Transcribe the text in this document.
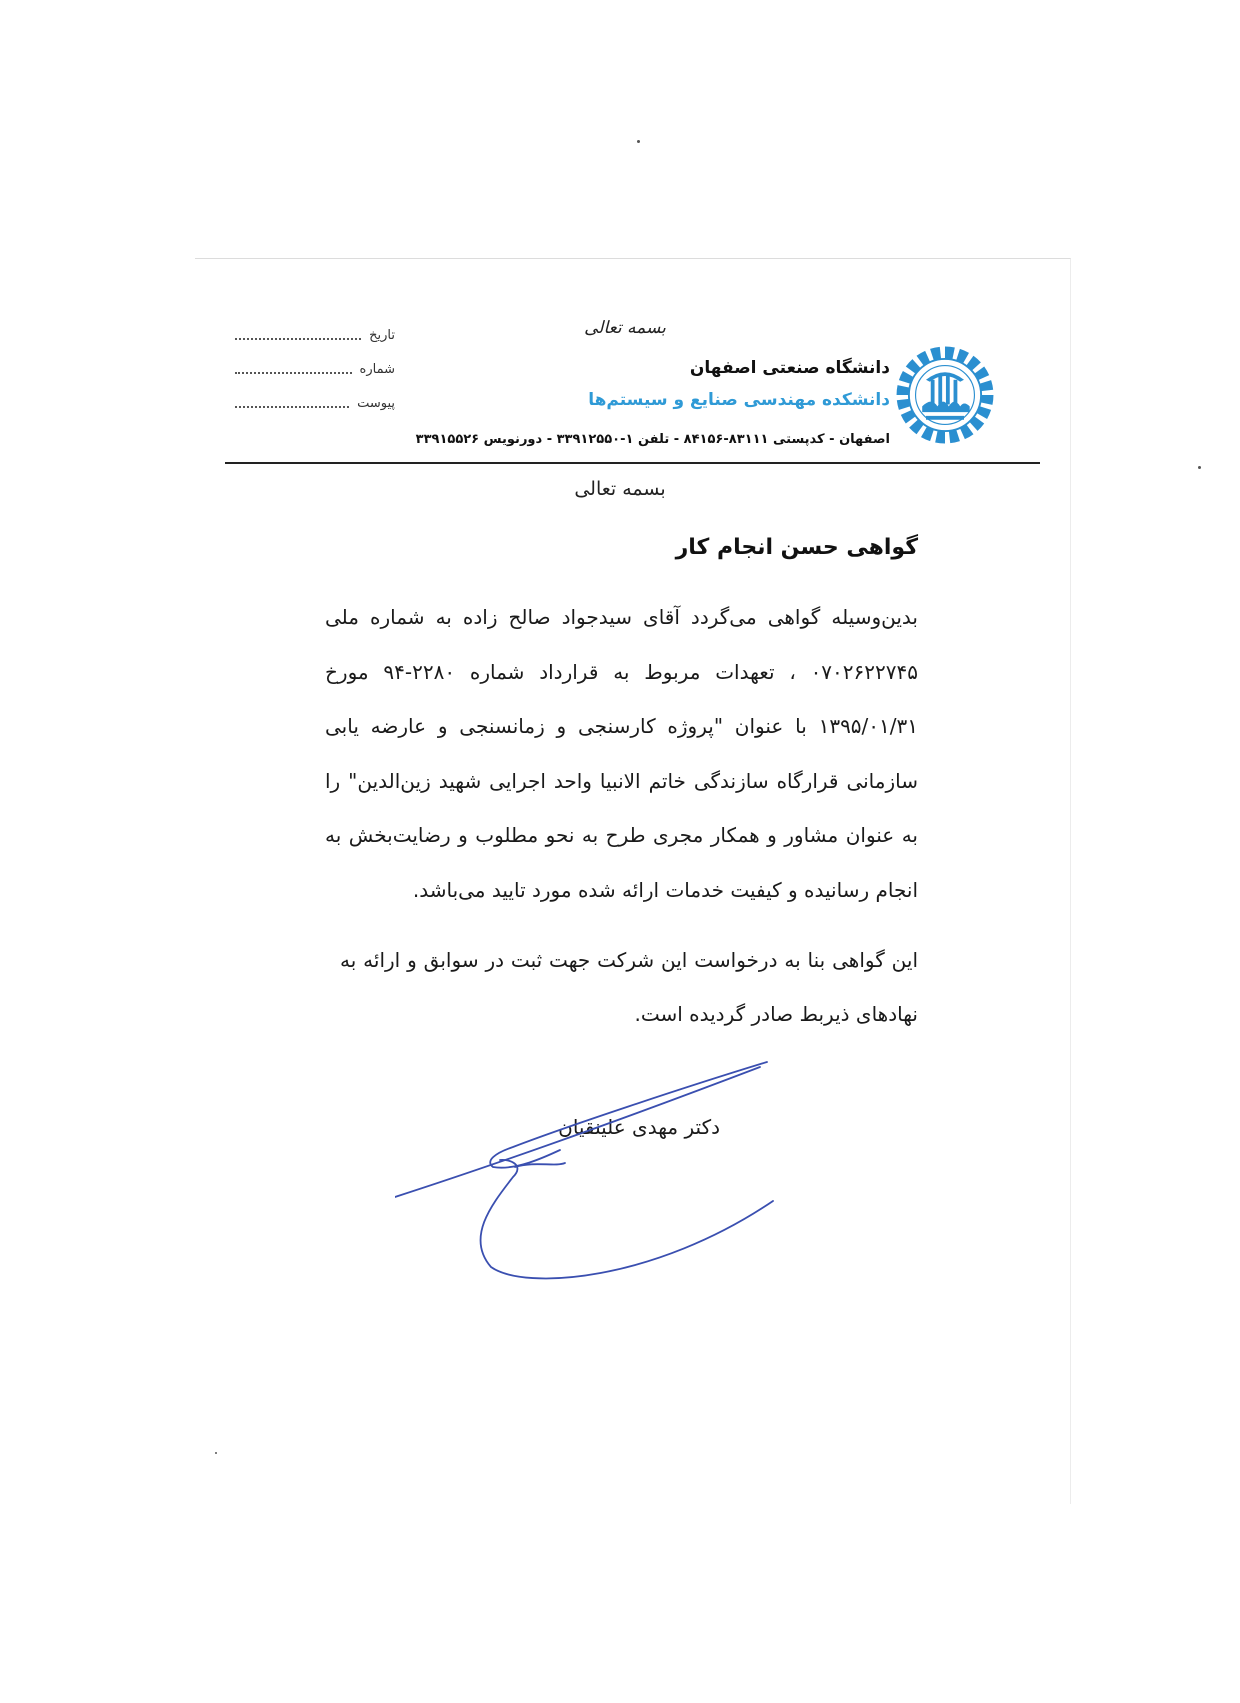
بسمه تعالی
تاریخ
شماره
پیوست
دانشگاه صنعتی اصفهان
دانشکده مهندسی صنایع و سیستم‌ها
اصفهان - کدپستی ۸۳۱۱۱-۸۴۱۵۶ - تلفن ۱-۳۳۹۱۲۵۵۰ - دورنویس ۳۳۹۱۵۵۲۶
بسمه تعالی
گواهی حسن انجام کار
بدین‌وسیله گواهی می‌گردد آقای سیدجواد صالح زاده به شماره ملی ۰۷۰۲۶۲۲۷۴۵ ، تعهدات مربوط به قرارداد شماره ۲۲۸۰-۹۴ مورخ ۱۳۹۵/۰۱/۳۱ با عنوان "پروژه کارسنجی و زمانسنجی و عارضه یابی سازمانی قرارگاه سازندگی خاتم الانبیا واحد اجرایی شهید زین‌الدین" را به عنوان مشاور و همکار مجری طرح به نحو مطلوب و رضایت‌بخش به انجام رسانیده و کیفیت خدمات ارائه شده مورد تایید می‌باشد.
این گواهی بنا به درخواست این شرکت جهت ثبت در سوابق و ارائه به نهادهای ذیربط صادر گردیده است.
دکتر مهدی علینقیان
